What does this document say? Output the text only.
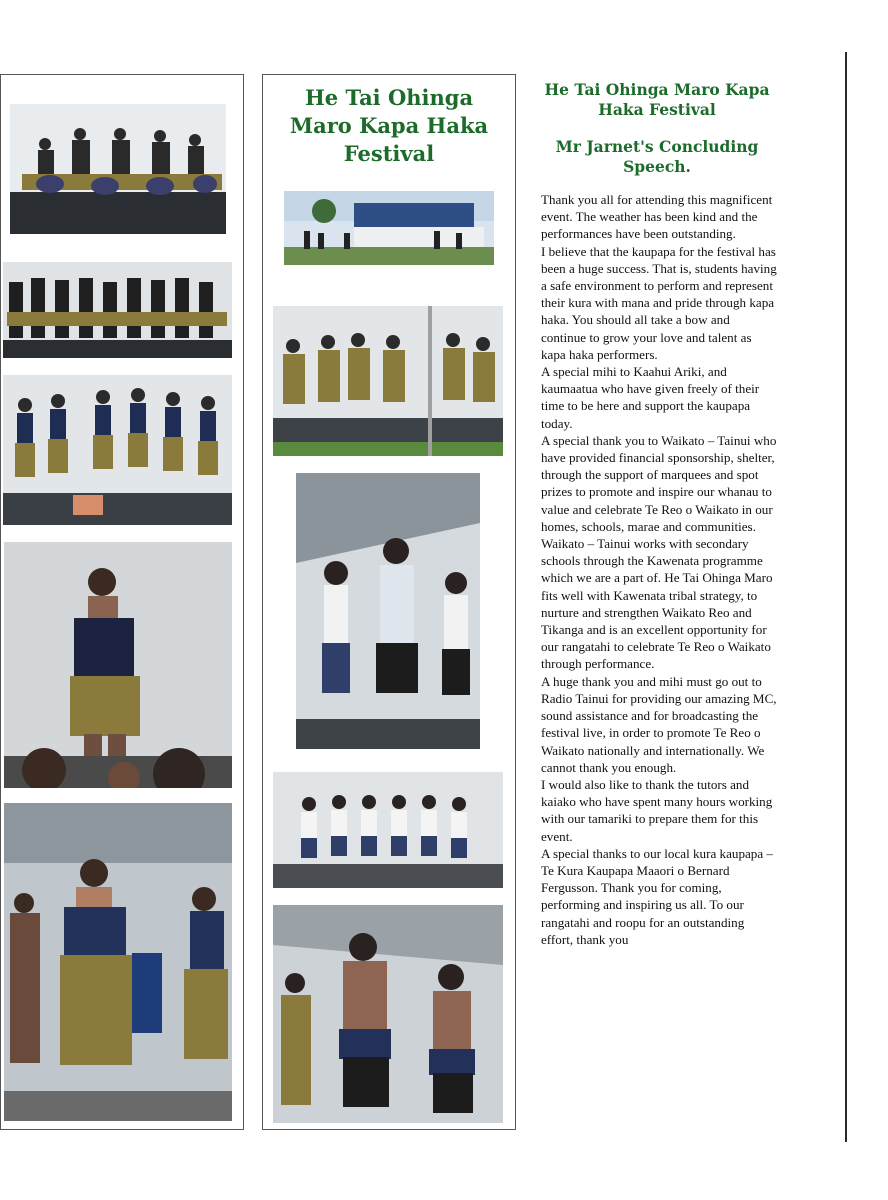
He Tai Ohinga Maro Kapa Haka Festival
He Tai Ohinga Maro Kapa Haka Festival
Mr Jarnet's Concluding Speech.

Thank you all for attending this magnificent event. The weather has been kind and the performances have been outstanding.

I believe that the kaupapa for the festival has been a huge success. That is, students having a safe environment to perform and represent their kura with mana and pride through kapa haka. You should all take a bow and continue to grow your love and talent as kapa haka performers.

A special mihi to Kaahui Ariki, and kaumaatua who have given freely of their time to be here and support the kaupapa today.

A special thank you to Waikato – Tainui who have provided financial sponsorship, shelter, through the support of marquees and spot prizes to promote and inspire our whanau to value and celebrate Te Reo o Waikato in our homes, schools, marae and communities.

Waikato – Tainui works with secondary schools through the Kawenata programme which we are a part of. He Tai Ohinga Maro fits well with Kawenata tribal strategy, to nurture and strengthen Waikato Reo and Tikanga and is an excellent opportunity for our rangatahi to celebrate Te Reo o Waikato through performance.

A huge thank you and mihi must go out to Radio Tainui for providing our amazing MC, sound assistance and for broadcasting the festival live, in order to promote Te Reo o Waikato nationally and internationally. We cannot thank you enough.

I would also like to thank the tutors and kaiako who have spent many hours working with our tamariki to prepare them for this event.

A special thanks to our local kura kaupapa – Te Kura Kaupapa Maaori o Bernard Fergusson. Thank you for coming, performing and inspiring us all. To our rangatahi and roopu for an outstanding effort, thank you
